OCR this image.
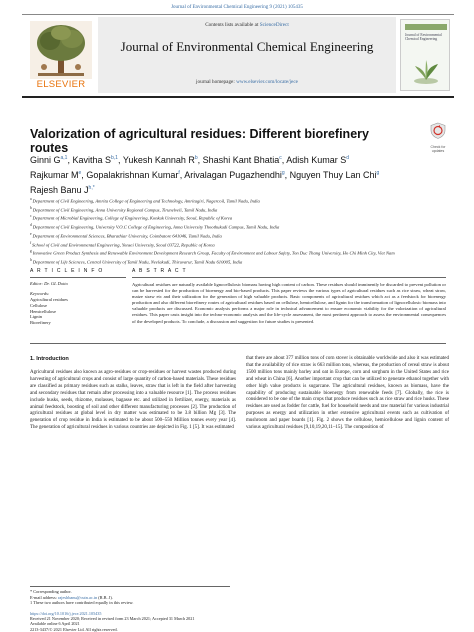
Journal of Environmental Chemical Engineering 9 (2021) 105435
ELSEVIER
Contents lists available at ScienceDirect
Journal of Environmental Chemical Engineering
journal homepage: www.elsevier.com/locate/jece
Journal of Environmental Chemical Engineering
Valorization of agricultural residues: Different biorefinery routes	Check for updates
Ginni G$^{a,1}$, Kavitha S$^{b,1}$, Yukesh Kannah $R^b$, Shashi Kant Bhatia$^c$, Adish Kumar $S^d$
Rajkumar Me, Gopalakrishnan Kumar$^f$, Arivalagan Pugazhendhi$^g$, Nguyen Thuy Lan Chi$^g$
Rajesh Banu $J^{h,*}$
$^a$ Department of Civil Engineering, Amrita College of Engineering and Technology, Amritagiri, Nagercoil, Tamil Nadu, India
$^b$ Department of Civil Engineering, Anna University Regional Campus, Tirunelveli, Tamil Nadu, India
$^c$ Department of Microbial Engineering, College of Engineering, Konkuk University, Seoul, Republic of Korea
$^d$ Department of Civil Engineering, University V.O.C College of Engineering, Anna University Thoothukudi Campus, Tamil Nadu, India
$^e$ Department of Environmental Sciences, Bharathiar University, Coimbatore 641046, Tamil Nadu, India
$^f$ School of Civil and Environmental Engineering, Yonsei University, Seoul 03722, Republic of Korea
$^g$ Innovative Green Product Synthesis and Renewable Environment Development Research Group, Faculty of Environment and Labour Safety, Ton Duc Thang University, Ho Chi Minh City, Viet Nam
$^h$ Department of Life Sciences, Central University of Tamil Nadu, Neelakudi, Thiruvarur, Tamil Nadu 610005, India
A R T I C L E I N F O
Editor: Dr. GL Dotto
Keywords:
Agricultural residues
Cellulose
Hemicellulose
Lignin
Biorefinery
A B S T R A C T
Agricultural residues are naturally available lignocellulosic biomass having high content of carbon. These residues should imminently be discarded to prevent pollution or can be harvested for the production of bioenergy and bio-based products. This paper reviews the various types of agricultural residues such as rice straw, wheat straw, maize straw etc and their utilization for the generation of high valuable products. Basic components of agricultural residues which act as a feedstock for bioenergy production and also different biorefinery routes of agricultural residues based on cellulose, hemicellulose, and lignin for the transformation of lignocellulosic biomass into valuable products are discussed. Economic analysis performs a major role in technical advancement to ensure economic viability for the valorization of agricultural residues. This paper casts insight into the techno-economic analysis and the life-cycle assessment, the most pertinent approach to assess the environmental consequences of the developed products. To conclude, a discussion and suggestion for future studies is presented.
1. Introduction
Agricultural residues also known as agro-residues or crop-residues or harvest wastes produced during harvesting of agricultural crops and consist of large quantity of carbon-based materials. These residues are classified as primary residues such as stalks, leaves, straw that is left in the field after harvesting and secondary residues that remain after processing into a valuable resource [1]. The process residues include husks, seeds, rhizome, molasses, bagasse etc. and utilized in fertilizer, energy, materials as animal feedstock, boosting of soil and other different manufacturing processes [2]. The production of agricultural residues at global level in dry matter was estimated to be 3.8 billion Mg [3]. The generation of crop residue in India is estimated to be about 500–550 Million tonnes every year [4]. The generation of agricultural residues in various countries are depicted in Fig. 1 [5]. It was estimated
that there are about 377 million tons of corn stover is obtainable worldwide and also it was estimated that the availability of rice straw is 663 million tons, whereas, the production of cereal straw is about 1500 million tons mainly barley and oat in Europe, corn and sorghum in the United States and rice and wheat in China [6]. Another important crop that can be utilized to generate ethanol together with other high value products is sugarcane. The agricultural residues, known as biomass, have the capability of producing sustainable bioenergy from renewable feeds [7]. Globally, the rice is considered to be one of the main crops that produce residues such as rice straw and rice husks. These residues are used as fodder for cattle, fuel for household needs and raw material for various industrial purposes as energy and utilization in other extensive agricultural events such as cultivation of mushroom and paper boards [1]. Fig. 2 shows the cellulose, hemicellulose and lignin content of various agricultural residues [9,10,19,20,11–15]. The composition of
* Corresponding author.
E-mail address: rajeshbanu@cutn.ac.in (R.B. J).
1 These two authors have contributed equally in this review.
https://doi.org/10.1016/j.jece.2021.105435
Received 21 November 2020; Received in revised form 23 March 2021; Accepted 31 March 2021
Available online 6 April 2021
2213-3437/© 2021 Elsevier Ltd. All rights reserved.
